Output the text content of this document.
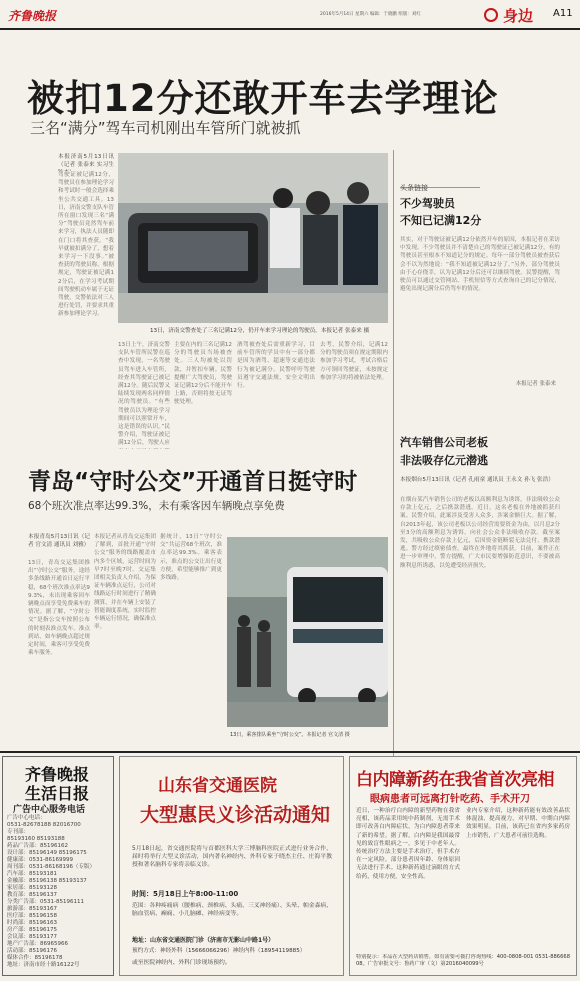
齐鲁晚报	2016年5月14日 星期六 编辑：于晓鹏 组版：刘红	身边 A11
被扣12分还敢开车去学理论
三名“满分”驾车司机刚出车管所门就被抓
本报济南5月13日讯（记者 张泰来 实习生
驾驶证被记满12分，驾驶员在参加理论学习和考试时一般会选择乘坐公共交通工具。13日，济南交警支队车管所在窗口发现三名“满分”驾驶员竟然驾车前来学习，执法人员随即在门口将其查获。“我早就被扣满分了，想着来学习一下没事。”被查获的驾驶员称。根据规定，驾驶证被记满12分后，在学习考试期间驾驶机动车属于无证驾驶，交警依法对三人进行处罚，并要求其重新参加理论学习。
13日，济南交警查处了三名记满12分，仍开车来学习理论的驾驶员。本报记者 张泰来 摄
主要在内的三名记满12分的驾驶员当场被查处。三人均被处以罚款，并暂扣车辆。民警提醒广大驾驶员，驾驶证记满12分后不能开车上路，否则将按无证驾驶处理。
酒驾被查处后需重新学习，目前车管所的学员中有一部分都是因为酒驾、超速等交通违法行为被记满分。民警呼吁驾驶员遵守交通法规，安全文明出行。
去考，民警介绍，记满12分的驾驶员须在规定期限内参加学习考试，考试合格后方可领回驾驶证，未按规定参加学习的将被依法处理。
13日上午，济南交警支队车管所民警在巡查中发现，一名驾驶员驾车进入车管所，经查其驾驶证已被记满12分。随后民警又陆续发现两名同样情况的驾驶员。“有些驾驶员以为理论学习期间可以照常开车，这是错误的认识。”民警介绍，驾驶证被记满12分后，驾驶人应
头条链接
不少驾驶员
不知已记满12分
其实，对于驾驶证被记满12分依然开车的原因，本报记者在采访中发现，不少驾驶员并不清楚自己的驾驶证已被记满12分，有的驾驶员甚至根本不知道记分的规定。每年一部分驾驶员被查获后会不以为然地说：“我不知道被记满12分了。”另外，部分驾驶员由于心存侥幸，认为记满12分后还可以继续驾驶。民警提醒，驾驶员可以通过交管网站、手机短信等方式查询自己的记分情况，避免出现记满分后仍驾车的情况。
本报记者 张泰来
汽车销售公司老板
非法吸存亿元潜逃
本报烟台5月13日讯（记者 孔雨童 通讯员 王永文 孙飞 张浩）
在烟台某汽车销售公司的老板以高额利息为诱饵，非法吸收公众存款上亿元，之后携款潜逃。近日，这名老板在外地被抓获归案。民警介绍，此案涉及受害人众多，涉案金额巨大。据了解，自2013年起，该公司老板以公司经营需要资金为由，以月息2分至3分的高额利息为诱饵，向社会公众非法吸收存款。截至案发，共吸收公众存款上亿元，后因资金链断裂无法兑付，携款潜逃。警方经过缜密侦查，最终在外地将其抓获。目前，案件正在进一步审理中。警方提醒，广大市民要增强防范意识，不要被高额利息所诱惑，以免遭受经济损失。
青岛“守时公交”开通首日挺守时
68个班次准点率达99.3%，未有乘客因车辆晚点享免费
本报青岛5月13日讯（记者 官文清 通讯员 刘雅）
13日，青岛交运集团推出“守时公交”服务，途经多条线路开通首日运行平稳，68个班次准点率达99.3%，未出现乘客因车辆晚点而享受免费乘车的情况。据了解，“守时公交”是指公交车按照公布的时刻表准点发车、准点到站，如车辆晚点超过规定时间，乘客可享受免费乘车服务。
本报记者从青岛交运集团了解到，首批开通“守时公交”服务的线路覆盖市内多个区域，运营时间为早7时至晚7时。交运集团相关负责人介绍，为保证车辆准点运行，公司对线路运行时间进行了精确测算，并在车辆上安装了智能调度系统，实时监控车辆运行情况，确保准点率。
据统计，13日“守时公交”共运营68个班次，准点率达99.3%。乘客表示，准点的公交让出行更方便，希望能够推广到更多线路。
13日，乘客排队乘坐“守时公交”。本报记者 官文清 摄
齐鲁晚报
生活日报
广告中心服务电话
广告中心电话：
0531-82678188 82016700
专刊部：
85193160 85193188
药品广告部：85196162
设计部：85196149 85196175
健康部：0531-86169999
周刊部：0531-86168196（专版）
汽车部：85193181
金融部：85196138 85193137
家居部：85193128
教育部：85196137
分类广告部：0531-85196111
旅游部：85193167
医疗部：85196158
时尚部：85196163
房产部：85196175
会议部：85193177
地产广告部：86965966
活动部：85196176
媒体合作：85196178
地址：济南市经十路16122号
山东省交通医院
大型惠民义诊活动通知
5月18日起，省交通医院将与首都医科大学三博脑科医院正式进行业务合作，届时将举行大型义诊活动，国内著名神经内、外科专家于晓杰主任、庄海平教授和著名脑科专家将亲临义诊。
时间：5月18日上午8:00-11:00
范围：各种疼痛病（腰椎病、颈椎病、头痛、三叉神经痛）、头晕、帕金森病、脑血管病、癫痫、小儿脑瘫、神经病变等。
地址：山东省交通医院门诊（济南市无影山中路1号）
预约方式：神经外科（15666066296）神经内科（18954119885）
或至医院神经内、外科门诊现场预约。
白内障新药在我省首次亮相
眼病患者可远离打针吃药、手术开刀
近日，一种治疗白内障的新型药物在我省亮相，该药品采用纯中药制剂，无需手术即可改善白内障症状，为白内障患者带来了新的希望。据了解，白内障是我国最常见的致盲性眼病之一，多见于中老年人。传统治疗方法主要是手术治疗，但手术存在一定风险，部分患者因年龄、身体原因无法进行手术。这种新药通过滴眼的方式给药，使用方便，安全性高。
业内专家介绍，这种新药能有效改善晶状体混浊，提高视力，对早期、中期白内障效果明显。目前，该药已在省内多家药房上市销售，广大患者可前往选购。
特别提示：本品在大型药店销售，如有需要可拨打咨询热线：400-0808-001 0531-88666808。广告审批文号：鲁药广审（文）第2016040099号
